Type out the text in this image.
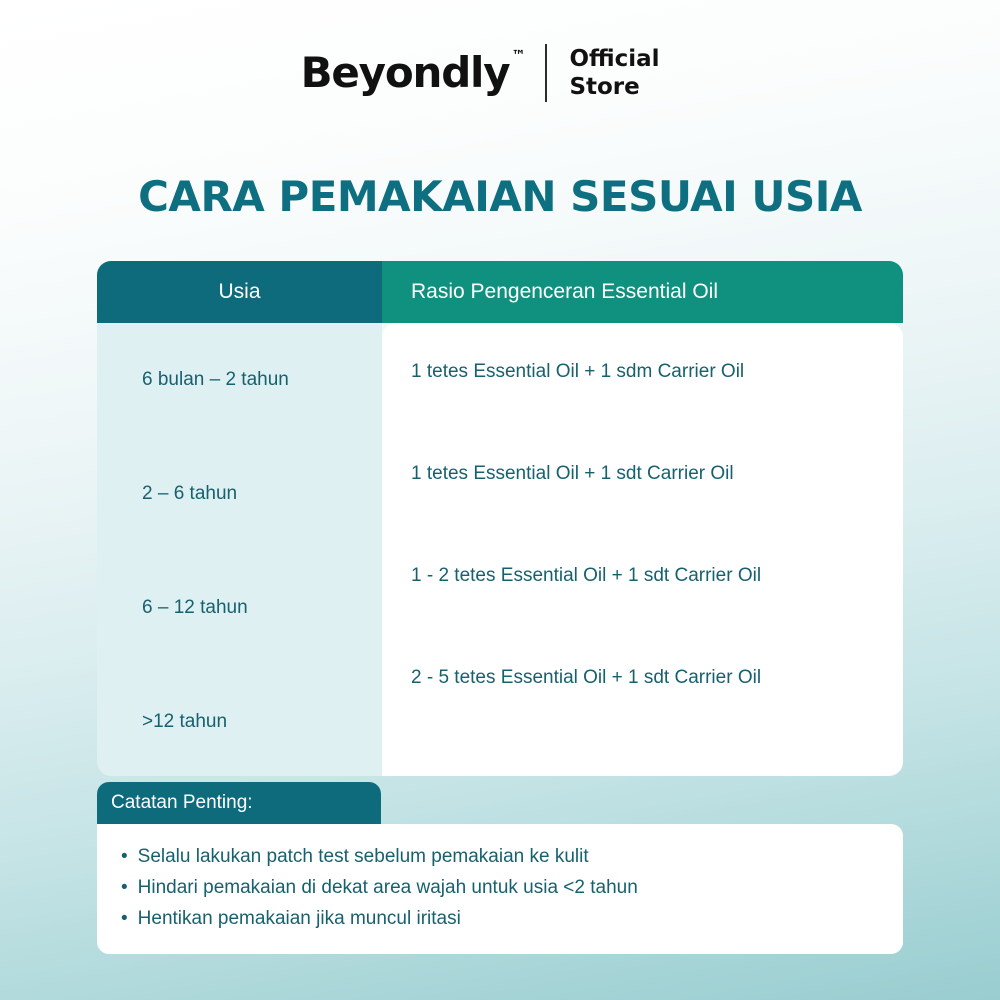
Beyondly ™ Official Store
CARA PEMAKAIAN SESUAI USIA
Usia	Rasio Pengenceran Essential Oil
6 bulan – 2 tahun
2 – 6 tahun
6 – 12 tahun
>12 tahun
1 tetes Essential Oil + 1 sdm Carrier Oil
1 tetes Essential Oil + 1 sdt Carrier Oil
1 - 2 tetes Essential Oil + 1 sdt Carrier Oil
2 - 5 tetes Essential Oil + 1 sdt Carrier Oil
Catatan Penting:
• Selalu lakukan patch test sebelum pemakaian ke kulit
• Hindari pemakaian di dekat area wajah untuk usia <2 tahun
• Hentikan pemakaian jika muncul iritasi
